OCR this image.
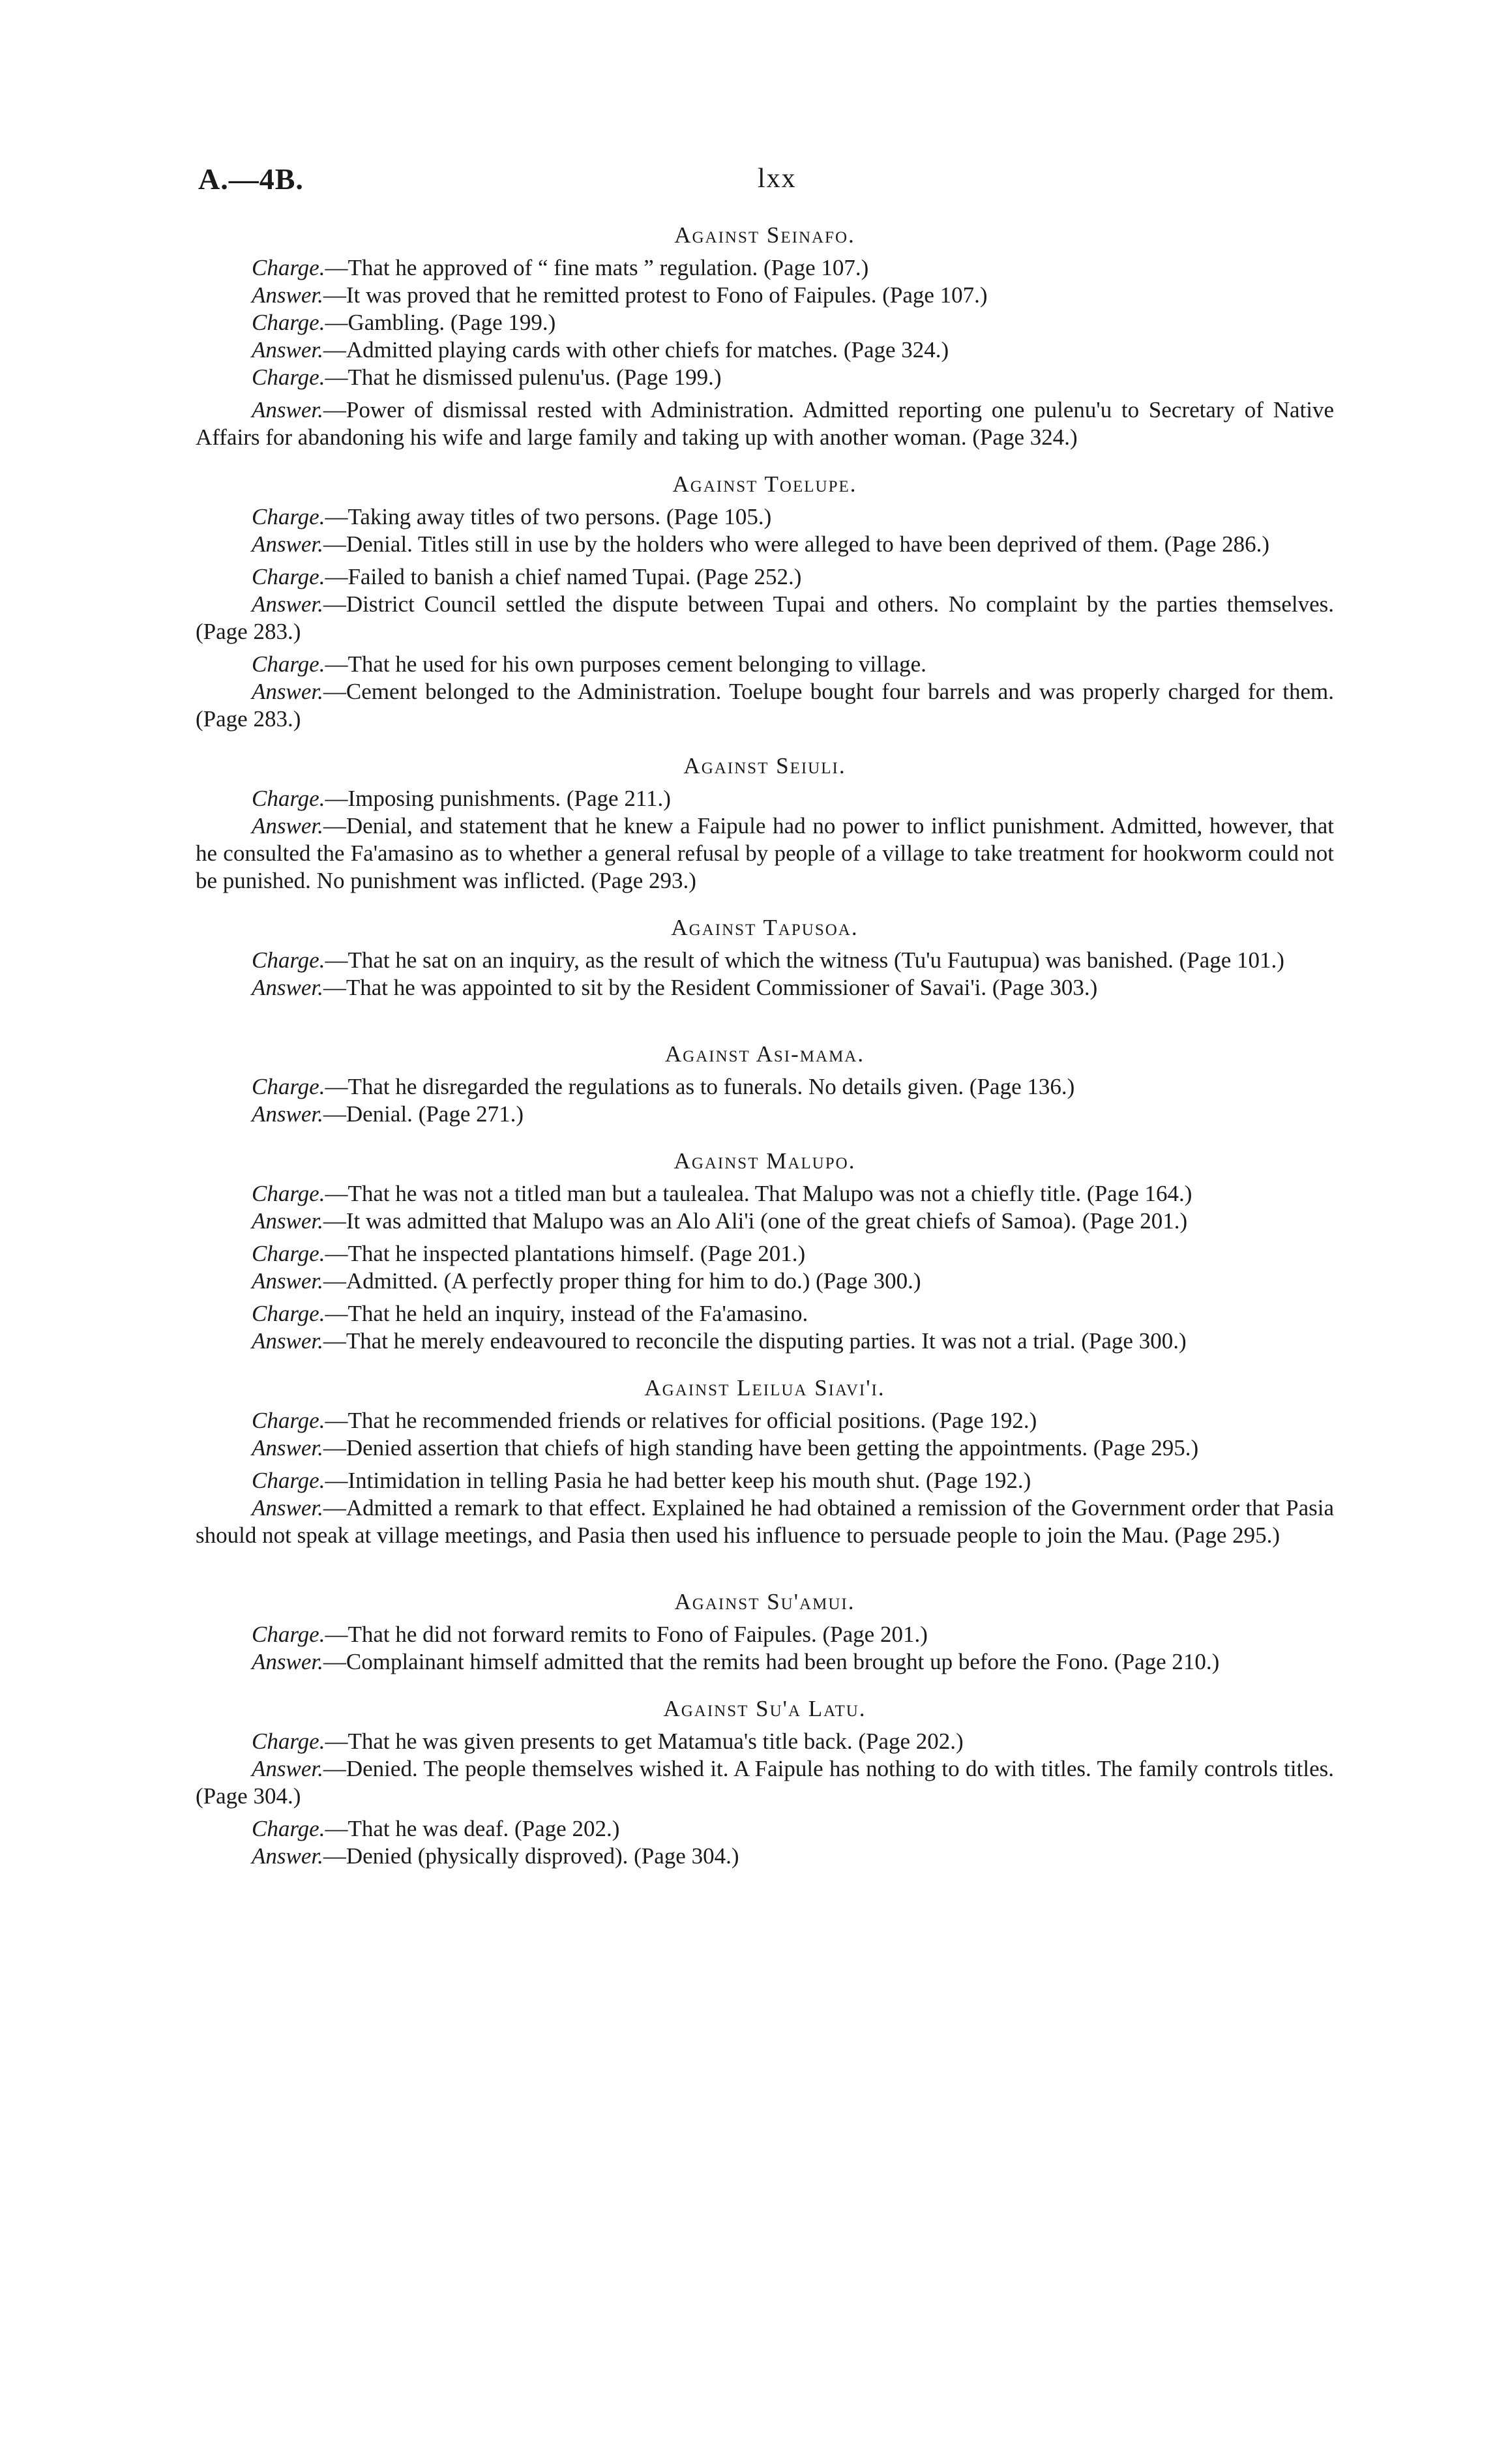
A.—4B.	lxx
Against Seinafo.

Charge.—That he approved of “ fine mats ” regulation. (Page 107.)

Answer.—It was proved that he remitted protest to Fono of Faipules. (Page 107.)

Charge.—Gambling. (Page 199.)

Answer.—Admitted playing cards with other chiefs for matches. (Page 324.)

Charge.—That he dismissed pulenu'us. (Page 199.)

Answer.—Power of dismissal rested with Administration. Admitted reporting one pulenu'u to Secretary of Native Affairs for abandoning his wife and large family and taking up with another woman. (Page 324.)

Against Toelupe.

Charge.—Taking away titles of two persons. (Page 105.)

Answer.—Denial. Titles still in use by the holders who were alleged to have been deprived of them. (Page 286.)

Charge.—Failed to banish a chief named Tupai. (Page 252.)

Answer.—District Council settled the dispute between Tupai and others. No complaint by the parties themselves. (Page 283.)

Charge.—That he used for his own purposes cement belonging to village.

Answer.—Cement belonged to the Administration. Toelupe bought four barrels and was properly charged for them. (Page 283.)

Against Seiuli.

Charge.—Imposing punishments. (Page 211.)

Answer.—Denial, and statement that he knew a Faipule had no power to inflict punishment. Admitted, however, that he consulted the Fa'amasino as to whether a general refusal by people of a village to take treatment for hookworm could not be punished. No punishment was inflicted. (Page 293.)

Against Tapusoa.

Charge.—That he sat on an inquiry, as the result of which the witness (Tu'u Fautupua) was banished. (Page 101.)

Answer.—That he was appointed to sit by the Resident Commissioner of Savai'i. (Page 303.)

Against Asi-mama.

Charge.—That he disregarded the regulations as to funerals. No details given. (Page 136.)

Answer.—Denial. (Page 271.)

Against Malupo.

Charge.—That he was not a titled man but a taulealea. That Malupo was not a chiefly title. (Page 164.)

Answer.—It was admitted that Malupo was an Alo Ali'i (one of the great chiefs of Samoa). (Page 201.)

Charge.—That he inspected plantations himself. (Page 201.)

Answer.—Admitted. (A perfectly proper thing for him to do.) (Page 300.)

Charge.—That he held an inquiry, instead of the Fa'amasino.

Answer.—That he merely endeavoured to reconcile the disputing parties. It was not a trial. (Page 300.)

Against Leilua Siavi'i.

Charge.—That he recommended friends or relatives for official positions. (Page 192.)

Answer.—Denied assertion that chiefs of high standing have been getting the appointments. (Page 295.)

Charge.—Intimidation in telling Pasia he had better keep his mouth shut. (Page 192.)

Answer.—Admitted a remark to that effect. Explained he had obtained a remission of the Government order that Pasia should not speak at village meetings, and Pasia then used his influence to persuade people to join the Mau. (Page 295.)

Against Su'amui.

Charge.—That he did not forward remits to Fono of Faipules. (Page 201.)

Answer.—Complainant himself admitted that the remits had been brought up before the Fono. (Page 210.)

Against Su'a Latu.

Charge.—That he was given presents to get Matamua's title back. (Page 202.)

Answer.—Denied. The people themselves wished it. A Faipule has nothing to do with titles. The family controls titles. (Page 304.)

Charge.—That he was deaf. (Page 202.)

Answer.—Denied (physically disproved). (Page 304.)
